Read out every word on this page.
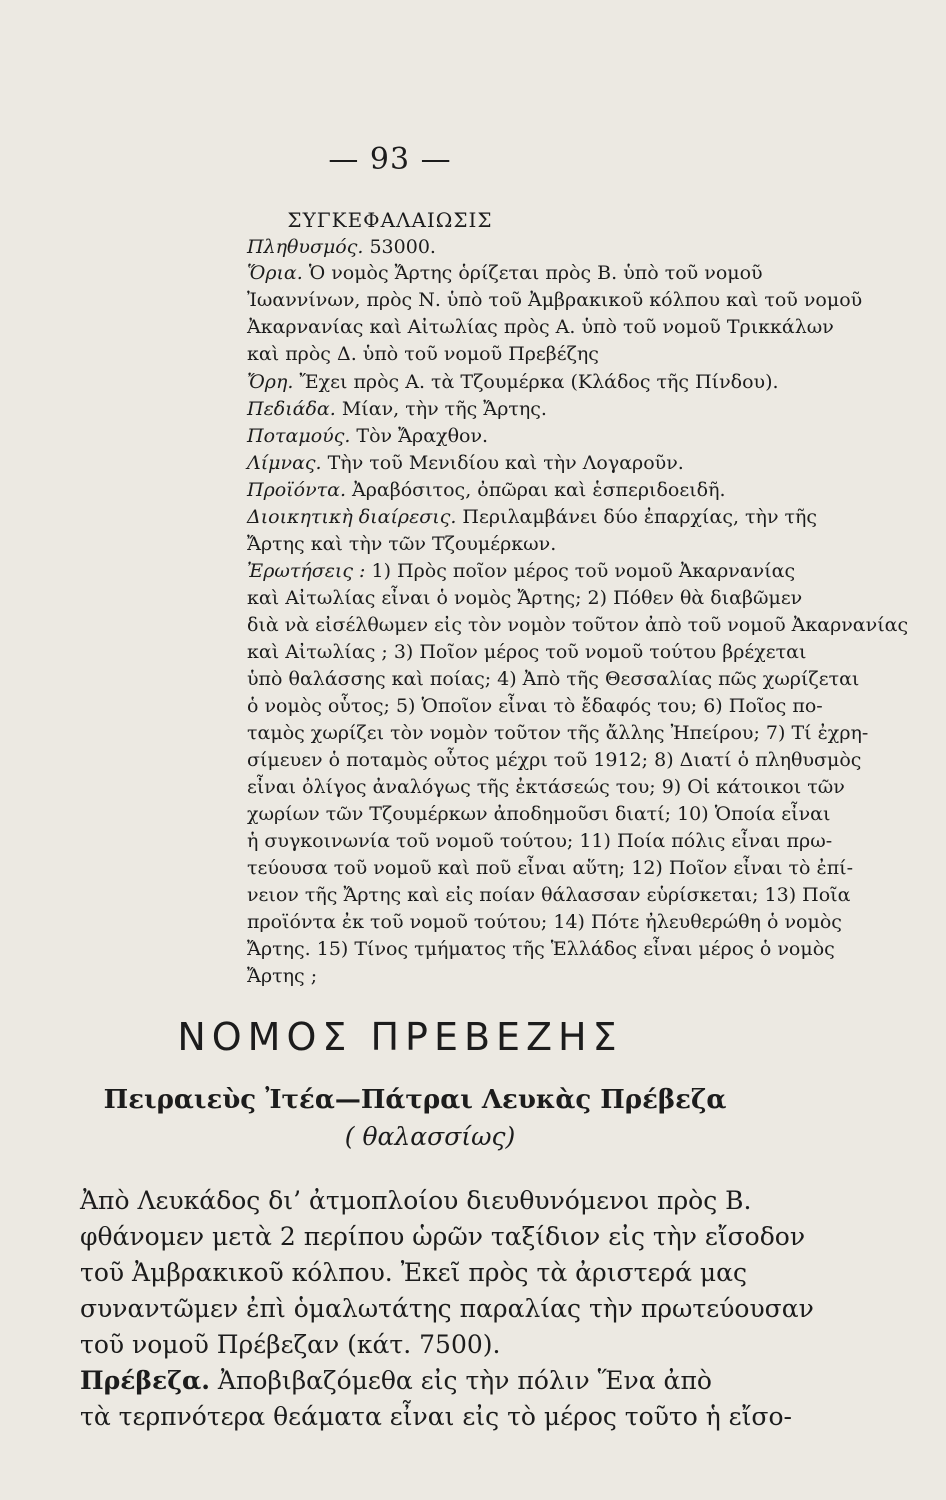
— 93 —
ΣΥΓΚΕΦΑΛΑΙΩΣΙΣ
Πληθυσμός. 53000.
Ὅρια. Ὁ νομὸς Ἄρτης ὁρίζεται πρὸς Β. ὑπὸ τοῦ νομοῦ
Ἰωαννίνων, πρὸς Ν. ὑπὸ τοῦ Ἀμβρακικοῦ κόλπου καὶ τοῦ νομοῦ
Ἀκαρνανίας καὶ Αἰτωλίας πρὸς Α. ὑπὸ τοῦ νομοῦ Τρικκάλων
καὶ πρὸς Δ. ὑπὸ τοῦ νομοῦ Πρεβέζης
Ὄρη. Ἔχει πρὸς Α. τὰ Τζουμέρκα (Κλάδος τῆς Πίνδου).
Πεδιάδα. Μίαν, τὴν τῆς Ἄρτης.
Ποταμούς. Τὸν Ἄραχθον.
Λίμνας. Τὴν τοῦ Μενιδίου καὶ τὴν Λογαροῦν.
Προϊόντα. Ἀραβόσιτος, ὀπῶραι καὶ ἑσπεριδοειδῆ.
Διοικητικὴ διαίρεσις. Περιλαμβάνει δύο ἐπαρχίας, τὴν τῆς
Ἄρτης καὶ τὴν τῶν Τζουμέρκων.
Ἐρωτήσεις : 1) Πρὸς ποῖον μέρος τοῦ νομοῦ Ἀκαρνανίας
καὶ Αἰτωλίας εἶναι ὁ νομὸς Ἄρτης; 2) Πόθεν θὰ διαβῶμεν
διὰ νὰ εἰσέλθωμεν εἰς τὸν νομὸν τοῦτον ἀπὸ τοῦ νομοῦ Ἀκαρνανίας
καὶ Αἰτωλίας ; 3) Ποῖον μέρος τοῦ νομοῦ τούτου βρέχεται
ὑπὸ θαλάσσης καὶ ποίας; 4) Ἀπὸ τῆς Θεσσαλίας πῶς χωρίζεται
ὁ νομὸς οὗτος; 5) Ὁποῖον εἶναι τὸ ἔδαφός του; 6) Ποῖος πο-
ταμὸς χωρίζει τὸν νομὸν τοῦτον τῆς ἄλλης Ἠπείρου; 7) Τί ἐχρη-
σίμευεν ὁ ποταμὸς οὗτος μέχρι τοῦ 1912; 8) Διατί ὁ πληθυσμὸς
εἶναι ὀλίγος ἀναλόγως τῆς ἐκτάσεώς του; 9) Οἱ κάτοικοι τῶν
χωρίων τῶν Τζουμέρκων ἀποδημοῦσι διατί; 10) Ὁποία εἶναι
ἡ συγκοινωνία τοῦ νομοῦ τούτου; 11) Ποία πόλις εἶναι πρω-
τεύουσα τοῦ νομοῦ καὶ ποῦ εἶναι αὕτη; 12) Ποῖον εἶναι τὸ ἐπί-
νειον τῆς Ἄρτης καὶ εἰς ποίαν θάλασσαν εὑρίσκεται; 13) Ποῖα
προϊόντα ἐκ τοῦ νομοῦ τούτου; 14) Πότε ἠλευθερώθη ὁ νομὸς
Ἄρτης. 15) Τίνος τμήματος τῆς Ἑλλάδος εἶναι μέρος ὁ νομὸς
Ἄρτης ;
ΝΟΜΟΣ ΠΡΕΒΕΖΗΣ
Πειραιεὺς Ἰτέα—Πάτραι Λευκὰς Πρέβεζα
( θαλασσίως)
Ἀπὸ Λευκάδος δι’ ἀτμοπλοίου διευθυνόμενοι πρὸς Β.
φθάνομεν μετὰ 2 περίπου ὡρῶν ταξίδιον εἰς τὴν εἴσοδον
τοῦ Ἀμβρακικοῦ κόλπου. Ἐκεῖ πρὸς τὰ ἀριστερά μας
συναντῶμεν ἐπὶ ὁμαλωτάτης παραλίας τὴν πρωτεύουσαν
τοῦ νομοῦ Πρέβεζαν (κάτ. 7500).
Πρέβεζα. Ἀποβιβαζόμεθα εἰς τὴν πόλιν Ἕνα ἀπὸ
τὰ τερπνότερα θεάματα εἶναι εἰς τὸ μέρος τοῦτο ἡ εἴσο-
